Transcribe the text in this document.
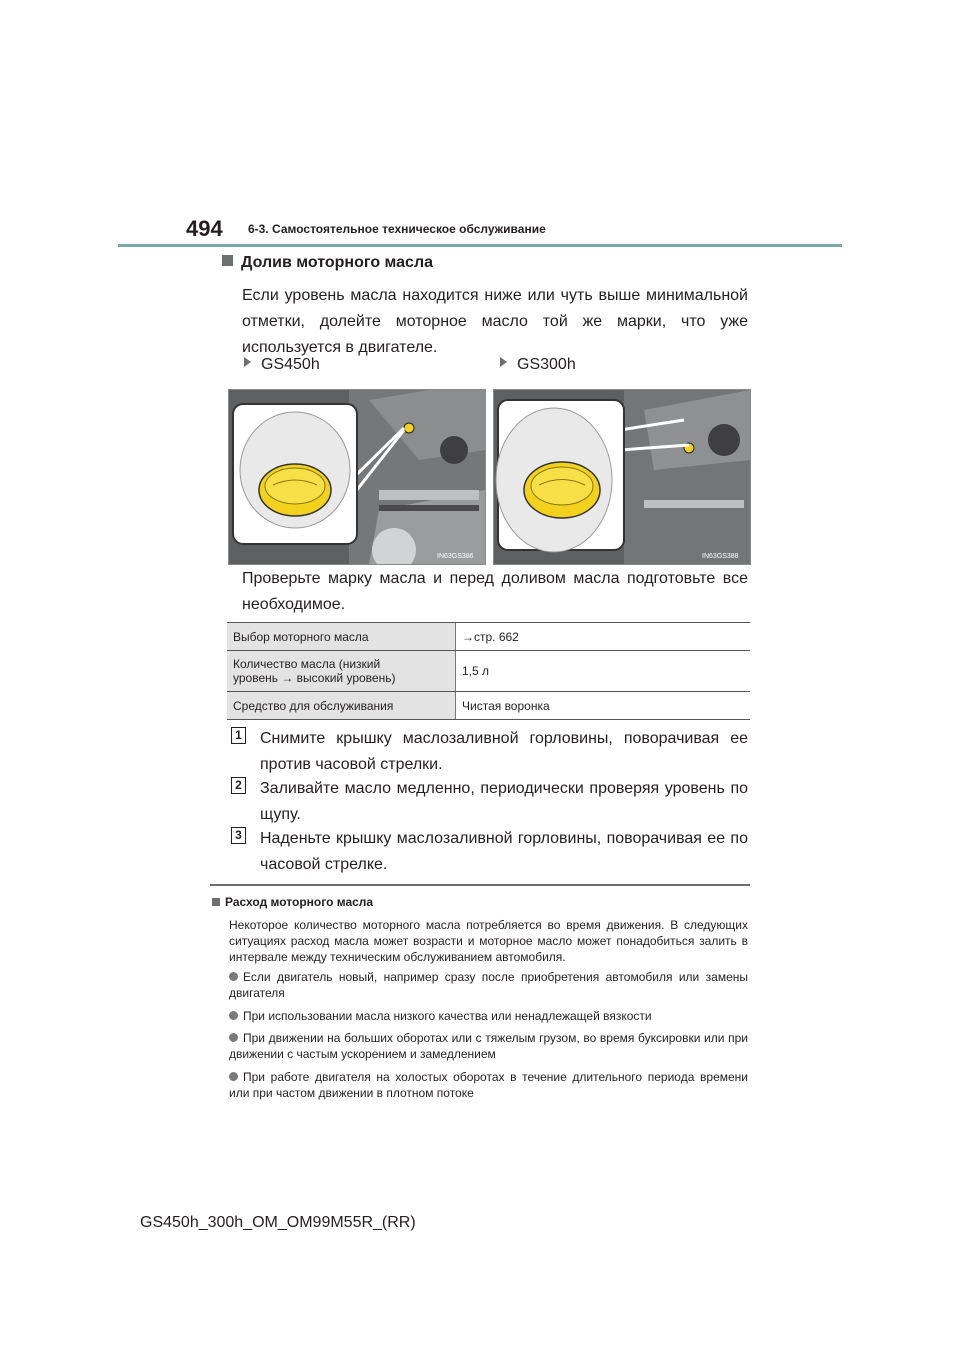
494 6-3. Самостоятельное техническое обслуживание
Долив моторного масла
Если уровень масла находится ниже или чуть выше минимальной отметки, долейте моторное масло той же марки, что уже используется в двигателе.
GS450h	GS300h
IN63GS386	IN63GS388
Проверьте марку масла и перед доливом масла подготовьте все необходимое.
Выбор моторного масла	→стр. 662

Количество масла (низкий
уровень → высокий уровень)	1,5 л
Средство для обслуживания	Чистая воронка
1 Снимите крышку маслозаливной горловины, поворачивая ее против часовой стрелки.
2 Заливайте масло медленно, периодически проверяя уровень по щупу.
3 Наденьте крышку маслозаливной горловины, поворачивая ее по часовой стрелке.
Расход моторного масла
Некоторое количество моторного масла потребляется во время движения. В следующих ситуациях расход масла может возрасти и моторное масло может понадобиться залить в интервале между техническим обслуживанием автомобиля.
Если двигатель новый, например сразу после приобретения автомобиля или замены двигателя
При использовании масла низкого качества или ненадлежащей вязкости
При движении на больших оборотах или с тяжелым грузом, во время буксировки или при движении с частым ускорением и замедлением
При работе двигателя на холостых оборотах в течение длительного периода времени или при частом движении в плотном потоке
GS450h_300h_OM_OM99M55R_(RR)
